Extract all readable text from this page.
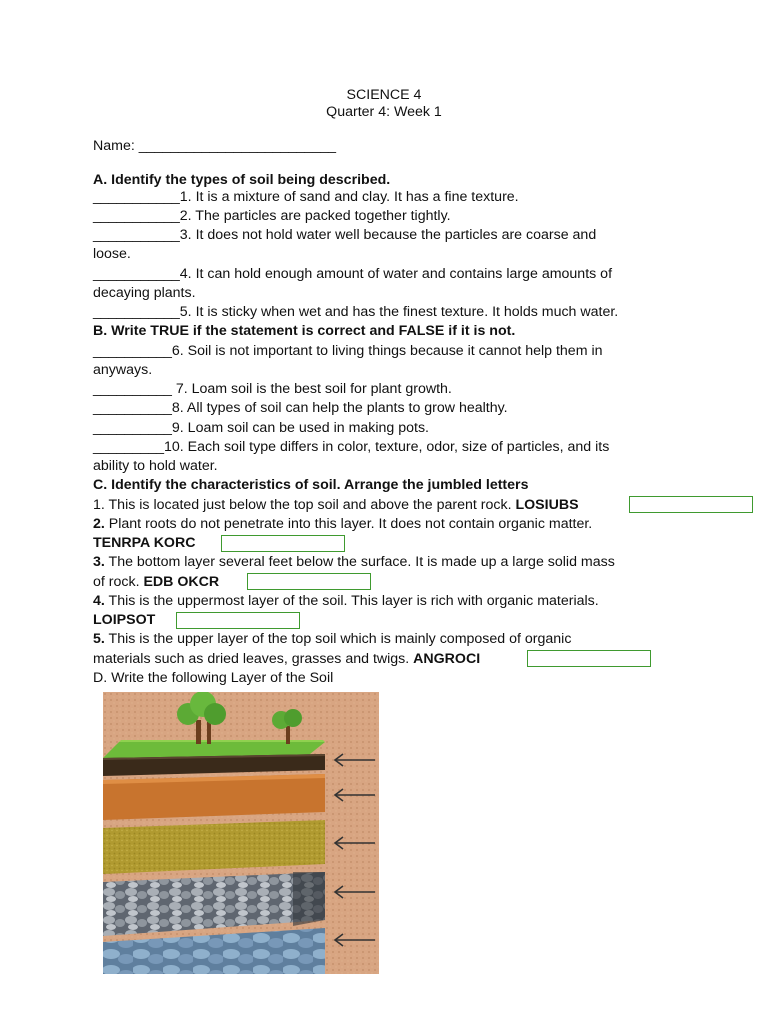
SCIENCE 4
Quarter 4: Week 1
Name: _________________________
A. Identify the types of soil being described.
___________1. It is a mixture of sand and clay. It has a fine texture.
___________2. The particles are packed together tightly.
___________3. It does not hold water well because the particles are coarse and
loose.
___________4. It can hold enough amount of water and contains large amounts of
decaying plants.
___________5. It is sticky when wet and has the finest texture. It holds much water.
B. Write TRUE if the statement is correct and FALSE if it is not.
__________6. Soil is not important to living things because it cannot help them in
anyways.
__________ 7. Loam soil is the best soil for plant growth.
__________8. All types of soil can help the plants to grow healthy.
__________9. Loam soil can be used in making pots.
_________10. Each soil type differs in color, texture, odor, size of particles, and its
ability to hold water.
C. Identify the characteristics of soil. Arrange the jumbled letters
1. This is located just below the top soil and above the parent rock. LOSIUBS
2. Plant roots do not penetrate into this layer. It does not contain organic matter.
TENRPA KORC
3. The bottom layer several feet below the surface. It is made up a large solid mass
of rock. EDB OKCR
4. This is the uppermost layer of the soil. This layer is rich with organic materials.
LOIPSOT
5. This is the upper layer of the top soil which is mainly composed of organic
materials such as dried leaves, grasses and twigs. ANGROCI
D. Write the following Layer of the Soil
